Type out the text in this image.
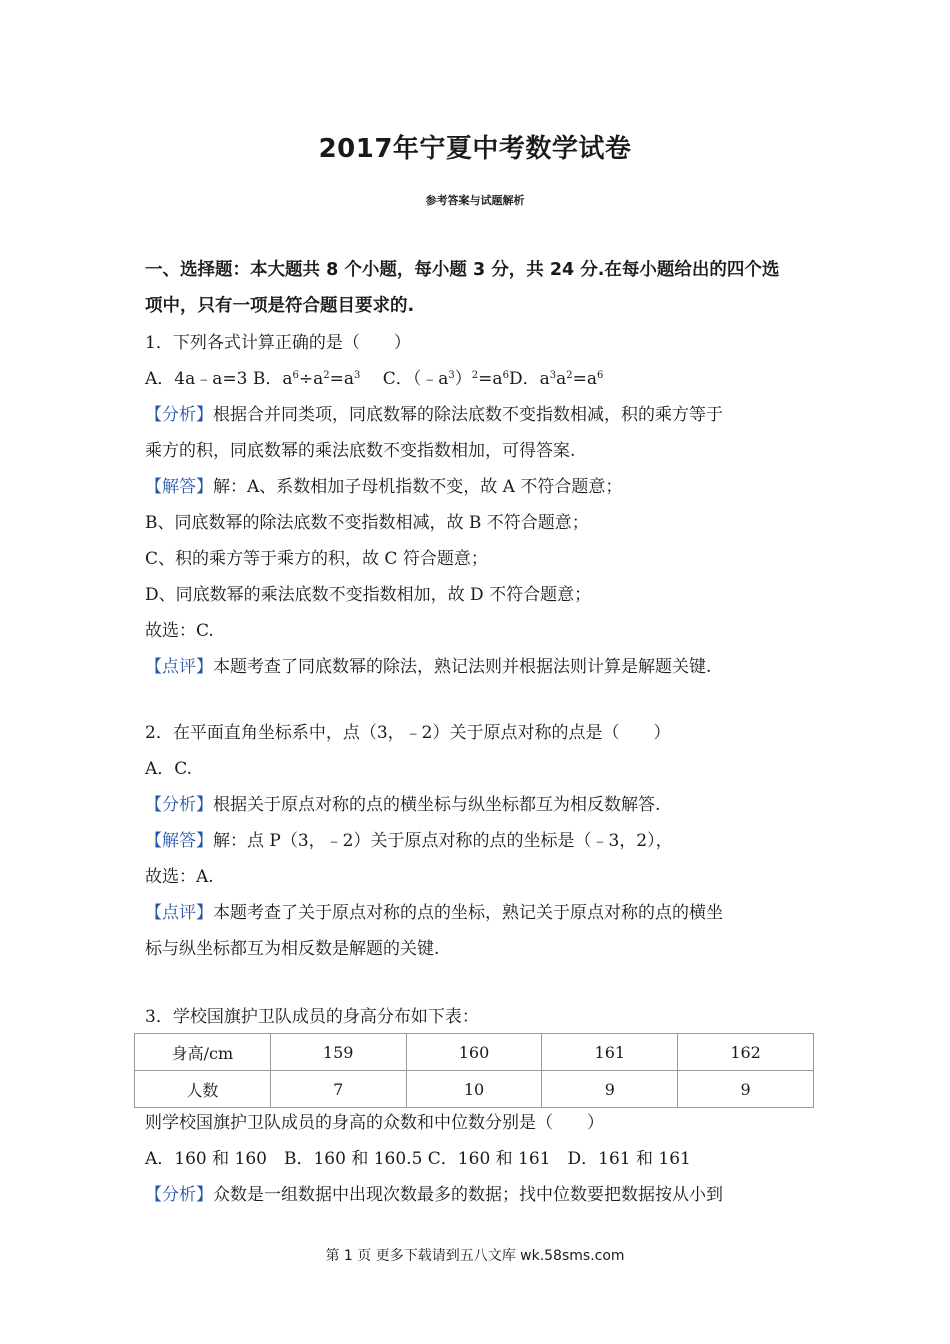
2017年宁夏中考数学试卷
参考答案与试题解析
一、选择题：本大题共 8 个小题，每小题 3 分，共 24 分.在每小题给出的四个选
项中，只有一项是符合题目要求的.
1．下列各式计算正确的是（　　）
A．4a﹣a=3 B．$a^6\div a^2=a^3$　 C．$(﹣a^3)^2=a^6D$．$a^3a^2=a^6$
【分析】根据合并同类项，同底数幂的除法底数不变指数相减，积的乘方等于
乘方的积，同底数幂的乘法底数不变指数相加，可得答案.
【解答】解：A、系数相加子母机指数不变，故 A 不符合题意；
B、同底数幂的除法底数不变指数相减，故 B 不符合题意；
C、积的乘方等于乘方的积，故 C 符合题意；
D、同底数幂的乘法底数不变指数相加，故 D 不符合题意；
故选：C.
【点评】本题考查了同底数幂的除法，熟记法则并根据法则计算是解题关键.
2．在平面直角坐标系中，点（3，﹣2）关于原点对称的点是（　　）
A．C.
【分析】根据关于原点对称的点的横坐标与纵坐标都互为相反数解答.
【解答】解：点 P（3，﹣2）关于原点对称的点的坐标是（﹣3，2），
故选：A.
【点评】本题考查了关于原点对称的点的坐标，熟记关于原点对称的点的横坐
标与纵坐标都互为相反数是解题的关键.
3．学校国旗护卫队成员的身高分布如下表：
身高/cm	159	160	161	162
人数	7	10	9	9
则学校国旗护卫队成员的身高的众数和中位数分别是（　　）
A．160 和 160　B．160 和 160.5 C．160 和 161　D．161 和 161
【分析】众数是一组数据中出现次数最多的数据；找中位数要把数据按从小到
第 1 页 更多下载请到五八文库 wk.58sms.com
